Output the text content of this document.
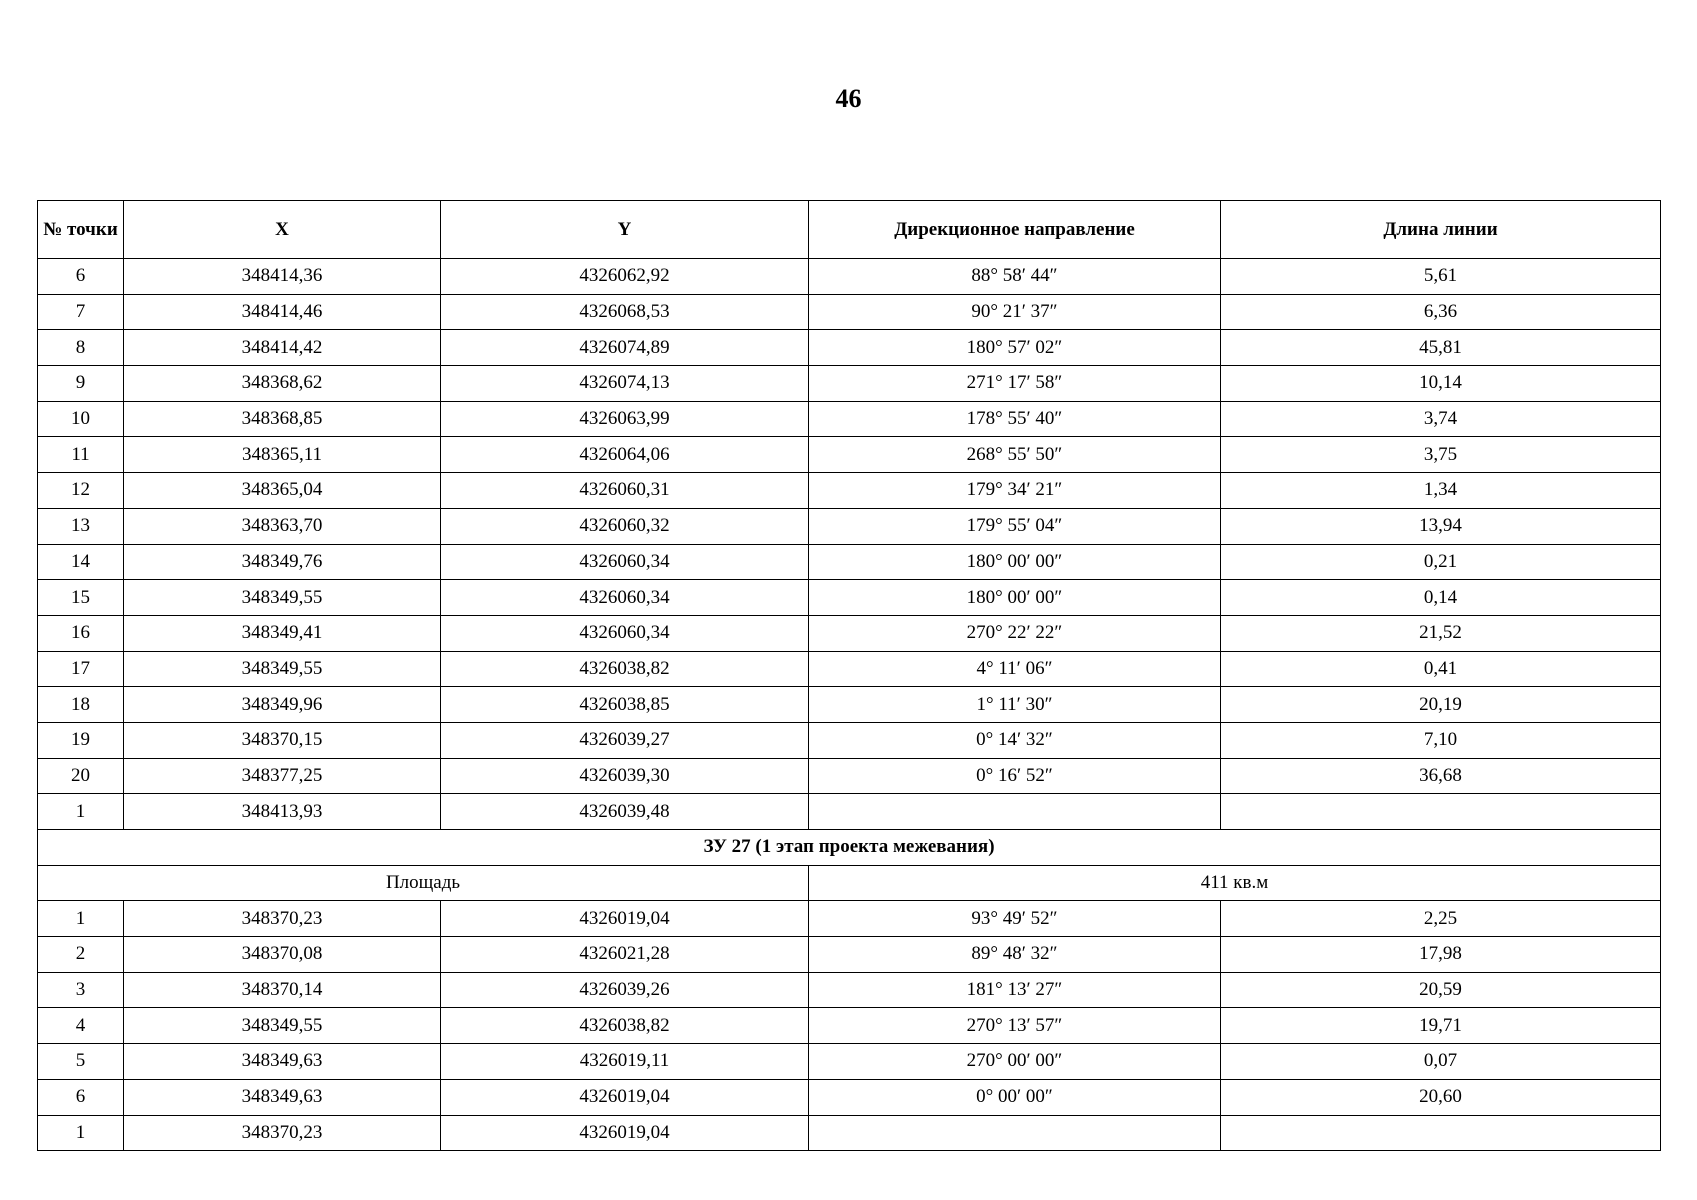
46
№ точки	X	Y	Дирекционное направление	Длина линии
6	348414,36	4326062,92	88° 58′ 44″	5,61
7	348414,46	4326068,53	90° 21′ 37″	6,36
8	348414,42	4326074,89	180° 57′ 02″	45,81
9	348368,62	4326074,13	271° 17′ 58″	10,14
10	348368,85	4326063,99	178° 55′ 40″	3,74
11	348365,11	4326064,06	268° 55′ 50″	3,75
12	348365,04	4326060,31	179° 34′ 21″	1,34
13	348363,70	4326060,32	179° 55′ 04″	13,94
14	348349,76	4326060,34	180° 00′ 00″	0,21
15	348349,55	4326060,34	180° 00′ 00″	0,14
16	348349,41	4326060,34	270° 22′ 22″	21,52
17	348349,55	4326038,82	4° 11′ 06″	0,41
18	348349,96	4326038,85	1° 11′ 30″	20,19
19	348370,15	4326039,27	0° 14′ 32″	7,10
20	348377,25	4326039,30	0° 16′ 52″	36,68
1	348413,93	4326039,48		
ЗУ 27 (1 этап проекта межевания)				
Площадь			411 кв.м	
1	348370,23	4326019,04	93° 49′ 52″	2,25
2	348370,08	4326021,28	89° 48′ 32″	17,98
3	348370,14	4326039,26	181° 13′ 27″	20,59
4	348349,55	4326038,82	270° 13′ 57″	19,71
5	348349,63	4326019,11	270° 00′ 00″	0,07
6	348349,63	4326019,04	0° 00′ 00″	20,60
1	348370,23	4326019,04		
